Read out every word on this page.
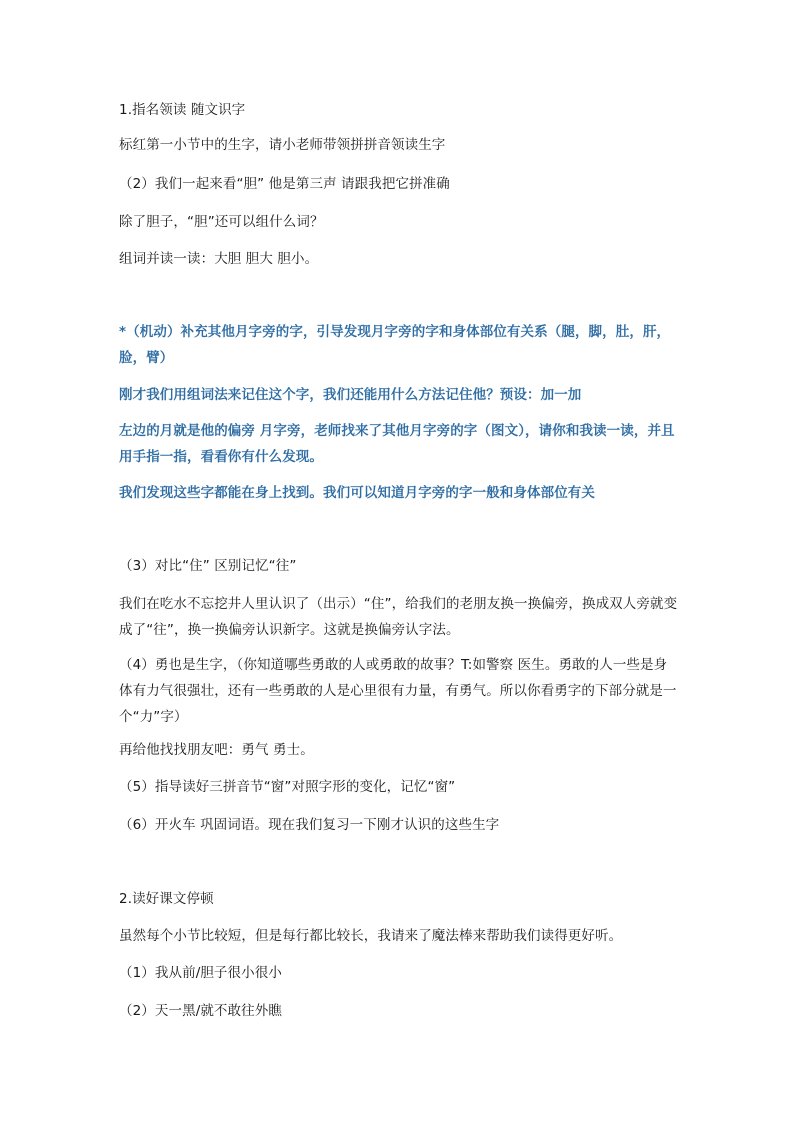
1.指名领读 随文识字

标红第一小节中的生字，请小老师带领拼拼音领读生字

（2）我们一起来看“胆” 他是第三声 请跟我把它拼准确

除了胆子，“胆”还可以组什么词？

组词并读一读：大胆 胆大 胆小。

*（机动）补充其他月字旁的字，引导发现月字旁的字和身体部位有关系（腿，脚，肚，肝，脸，臂）

刚才我们用组词法来记住这个字，我们还能用什么方法记住他？预设：加一加

左边的月就是他的偏旁 月字旁，老师找来了其他月字旁的字（图文），请你和我读一读，并且用手指一指，看看你有什么发现。

我们发现这些字都能在身上找到。我们可以知道月字旁的字一般和身体部位有关

（3）对比“住” 区别记忆“往”

我们在吃水不忘挖井人里认识了（出示）“住”，给我们的老朋友换一换偏旁，换成双人旁就变成了“往”，换一换偏旁认识新字。这就是换偏旁认字法。

（4）勇也是生字，（你知道哪些勇敢的人或勇敢的故事？T:如警察 医生。勇敢的人一些是身体有力气很强壮，还有一些勇敢的人是心里很有力量，有勇气。所以你看勇字的下部分就是一个“力”字）

再给他找找朋友吧：勇气 勇士。

（5）指导读好三拼音节“窗”对照字形的变化，记忆“窗”

（6）开火车 巩固词语。现在我们复习一下刚才认识的这些生字

2.读好课文停顿

虽然每个小节比较短，但是每行都比较长，我请来了魔法棒来帮助我们读得更好听。

（1）我从前/胆子很小很小

（2）天一黑/就不敢往外瞧
